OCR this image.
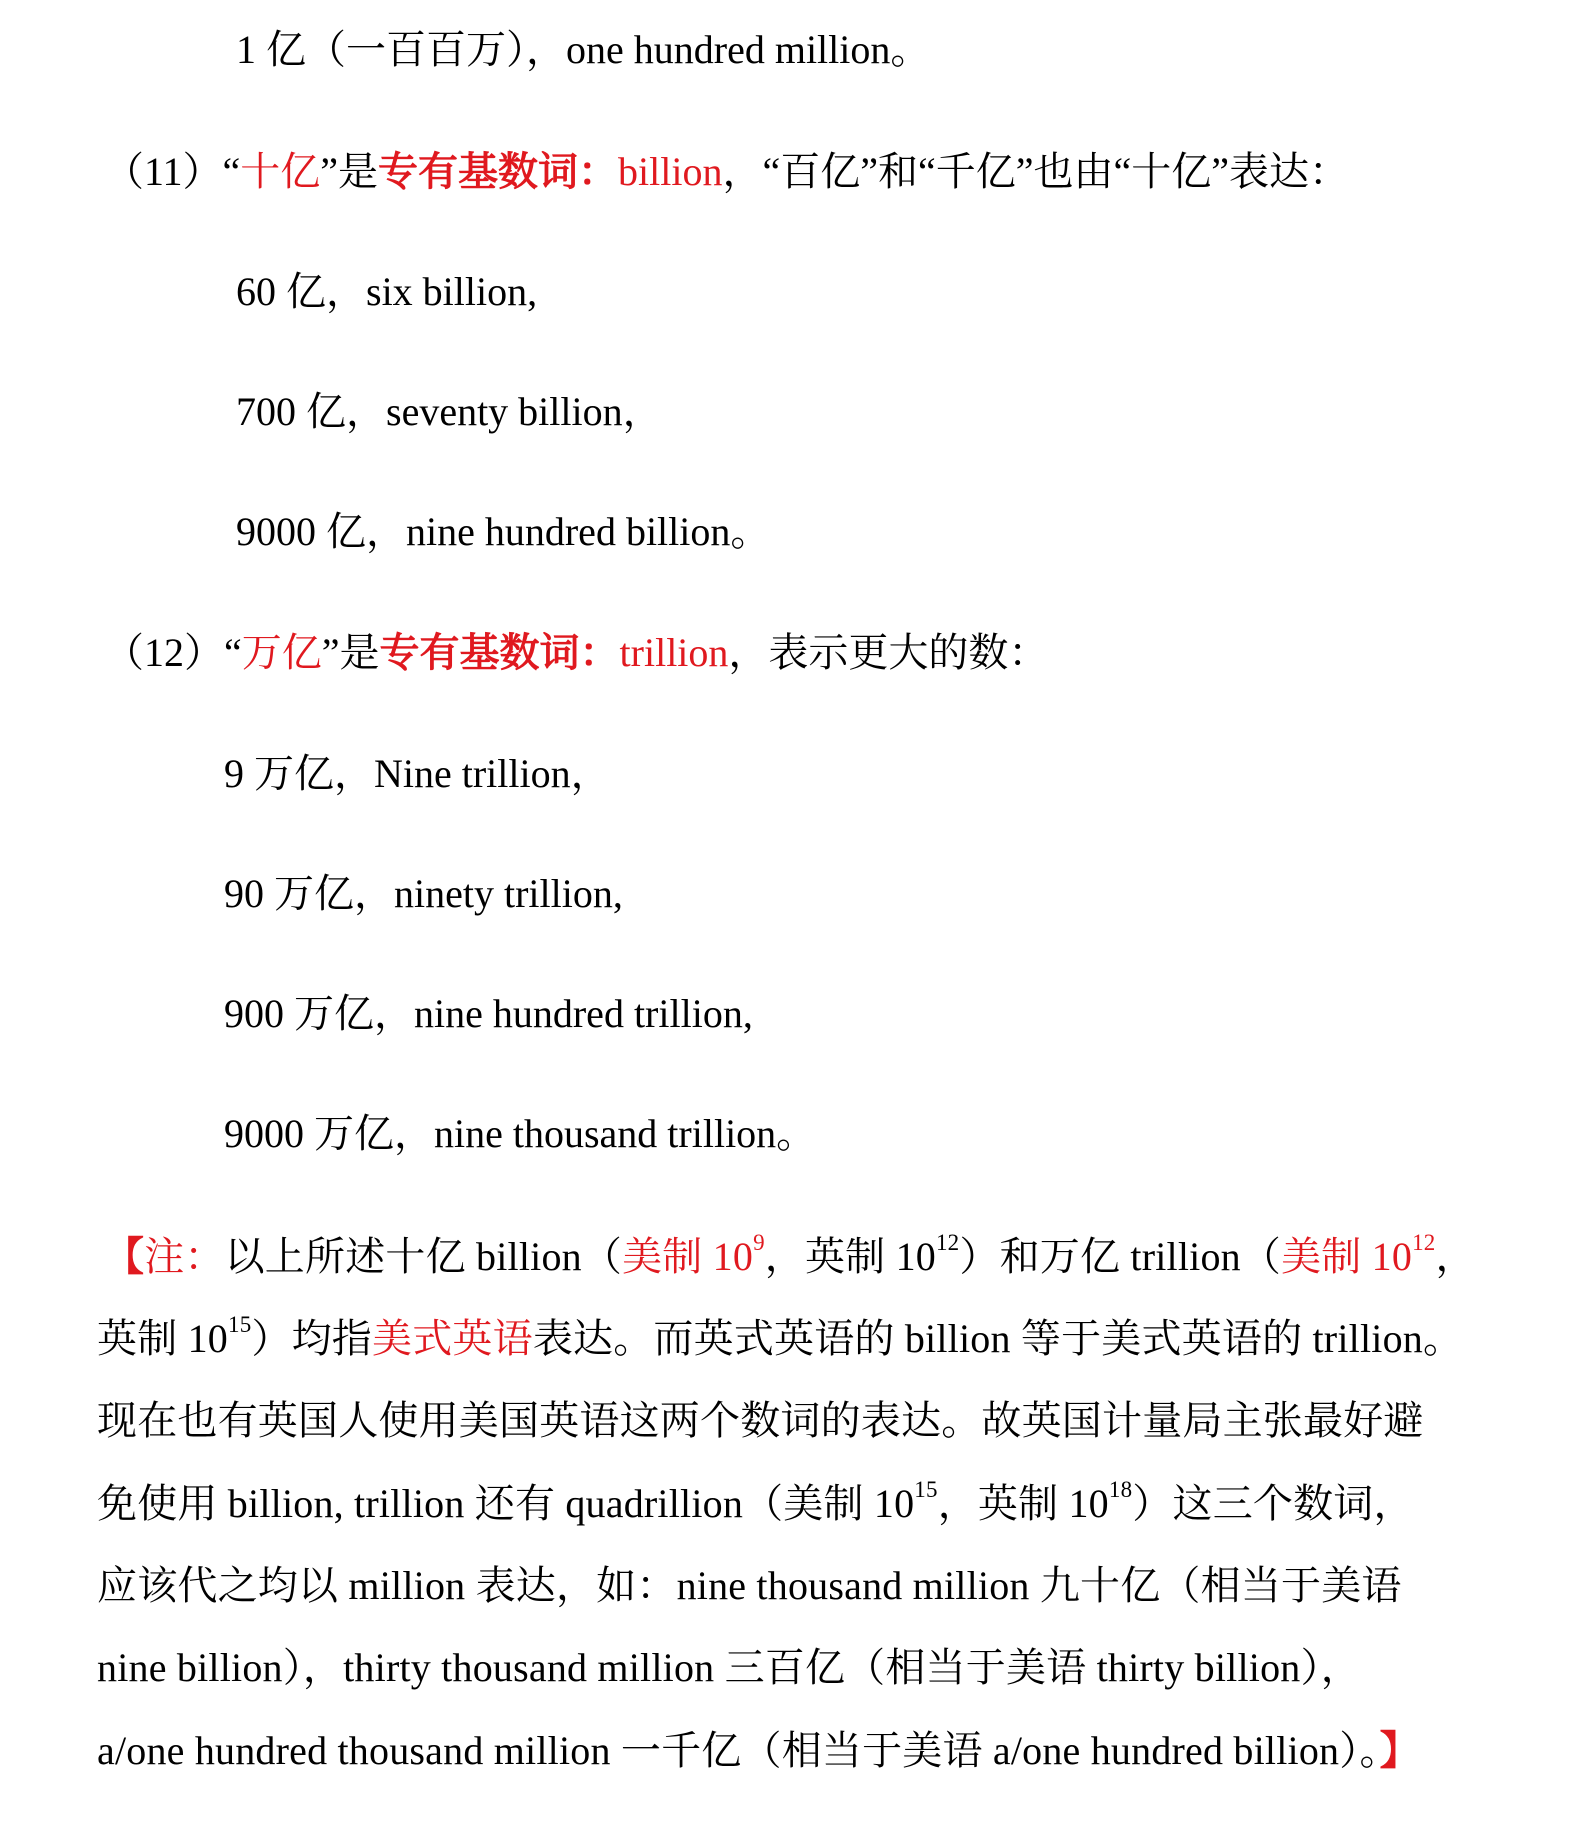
1 亿（一百百万），one hundred million。
（11）“十亿”是专有基数词：billion，“百亿”和“千亿”也由“十亿”表达：
60 亿，six billion,
700 亿，seventy billion，
9000 亿，nine hundred billion。
（12）“万亿”是专有基数词：trillion，表示更大的数：
9 万亿，Nine trillion，
90 万亿，ninety trillion,
900 万亿，nine hundred trillion,
9000 万亿，nine thousand trillion。
【注：以上所述十亿 billion（美制 $10^9$，英制 $10^{12}$）和万亿 trillion（美制 $10^{12}$，
英制 $10^{15}$）均指美式英语表达。而英式英语的 billion 等于美式英语的 trillion。
现在也有英国人使用美国英语这两个数词的表达。故英国计量局主张最好避
免使用 billion, trillion 还有 quadrillion（美制 $10^{15}$，英制 $10^{18}$）这三个数词，
应该代之均以 million 表达，如：nine thousand million 九十亿（相当于美语
nine billion），thirty thousand million 三百亿（相当于美语 thirty billion），
a/one hundred thousand million 一千亿（相当于美语 a/one hundred billion）。】
